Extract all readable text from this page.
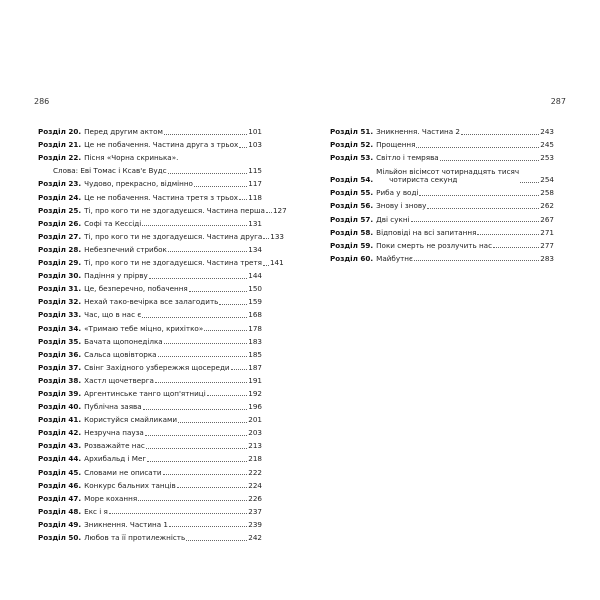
286
Розділ 20. Перед другим актом	101
Розділ 21. Це не побачення. Частина друга з трьох 103
Розділ 22. Пісня «Чорна скринька».
Слова: Еві Томас і Ксав'є Вудс	115
Розділ 23. Чудово, прекрасно, відмінно	117
Розділ 24. Це не побачення. Частина третя з трьох 118
Розділ 25. Ті, про кого ти не здогадуєшся. Частина перша 127
Розділ 26. Софі та Кессіді	131
Розділ 27. Ті, про кого ти не здогадуєшся. Частина друга 133
Розділ 28. Небезпечний стрибок	134
Розділ 29. Ті, про кого ти не здогадуєшся. Частина третя 141
Розділ 30. Падіння у прірву	144
Розділ 31. Це, безперечно, побачення	150
Розділ 32. Нехай тако-вечірка все залагодить	159
Розділ 33. Час, що в нас є	168
Розділ 34. «Тримаю тебе міцно, крихітко»	178
Розділ 35. Бачата щопонеділка	183
Розділ 36. Сальса щовівторка	185
Розділ 37. Свінг Західного узбережжя щосереди	187
Розділ 38. Хастл щочетверга	191
Розділ 39. Аргентинське танго щоп'ятниці	192
Розділ 40. Публічна заява	196
Розділ 41. Користуйся смайликами	201
Розділ 42. Незручна пауза	203
Розділ 43. Розважайте нас	213
Розділ 44. Архибальд і Мег	218
Розділ 45. Словами не описати	222
Розділ 46. Конкурс бальних танців	224
Розділ 47. Море кохання	226
Розділ 48. Екс і я	237
Розділ 49. Зникнення. Частина 1	239
Розділ 50. Любов та її протилежність	242
287
Розділ 51. Зникнення. Частина 2	243
Розділ 52. Прощення	245
Розділ 53. Світло і темрява	253
Розділ 54.
Мільйон вісімсот чотирнадцять тисяч
чотириста секунд	254
Розділ 55. Риба у воді	258
Розділ 56. Знову і знову	262
Розділ 57. Дві сукні	267
Розділ 58. Відповіді на всі запитання	271
Розділ 59. Поки смерть не розлучить нас	277
Розділ 60. Майбутнє	283
